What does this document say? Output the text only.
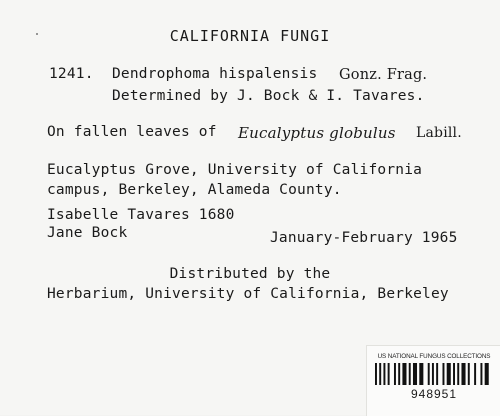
CALIFORNIA FUNGI
1241. Dendrophoma hispalensis Gonz. Frag.
Determined by J. Bock & I. Tavares.
On fallen leaves of Eucalyptus globulus Labill.
Eucalyptus Grove, University of California
campus, Berkeley, Alameda County.
Isabelle Tavares 1680
Jane Bock	January-February 1965
Distributed by the
Herbarium, University of California, Berkeley
US NATIONAL FUNGUS COLLECTIONS
948951
